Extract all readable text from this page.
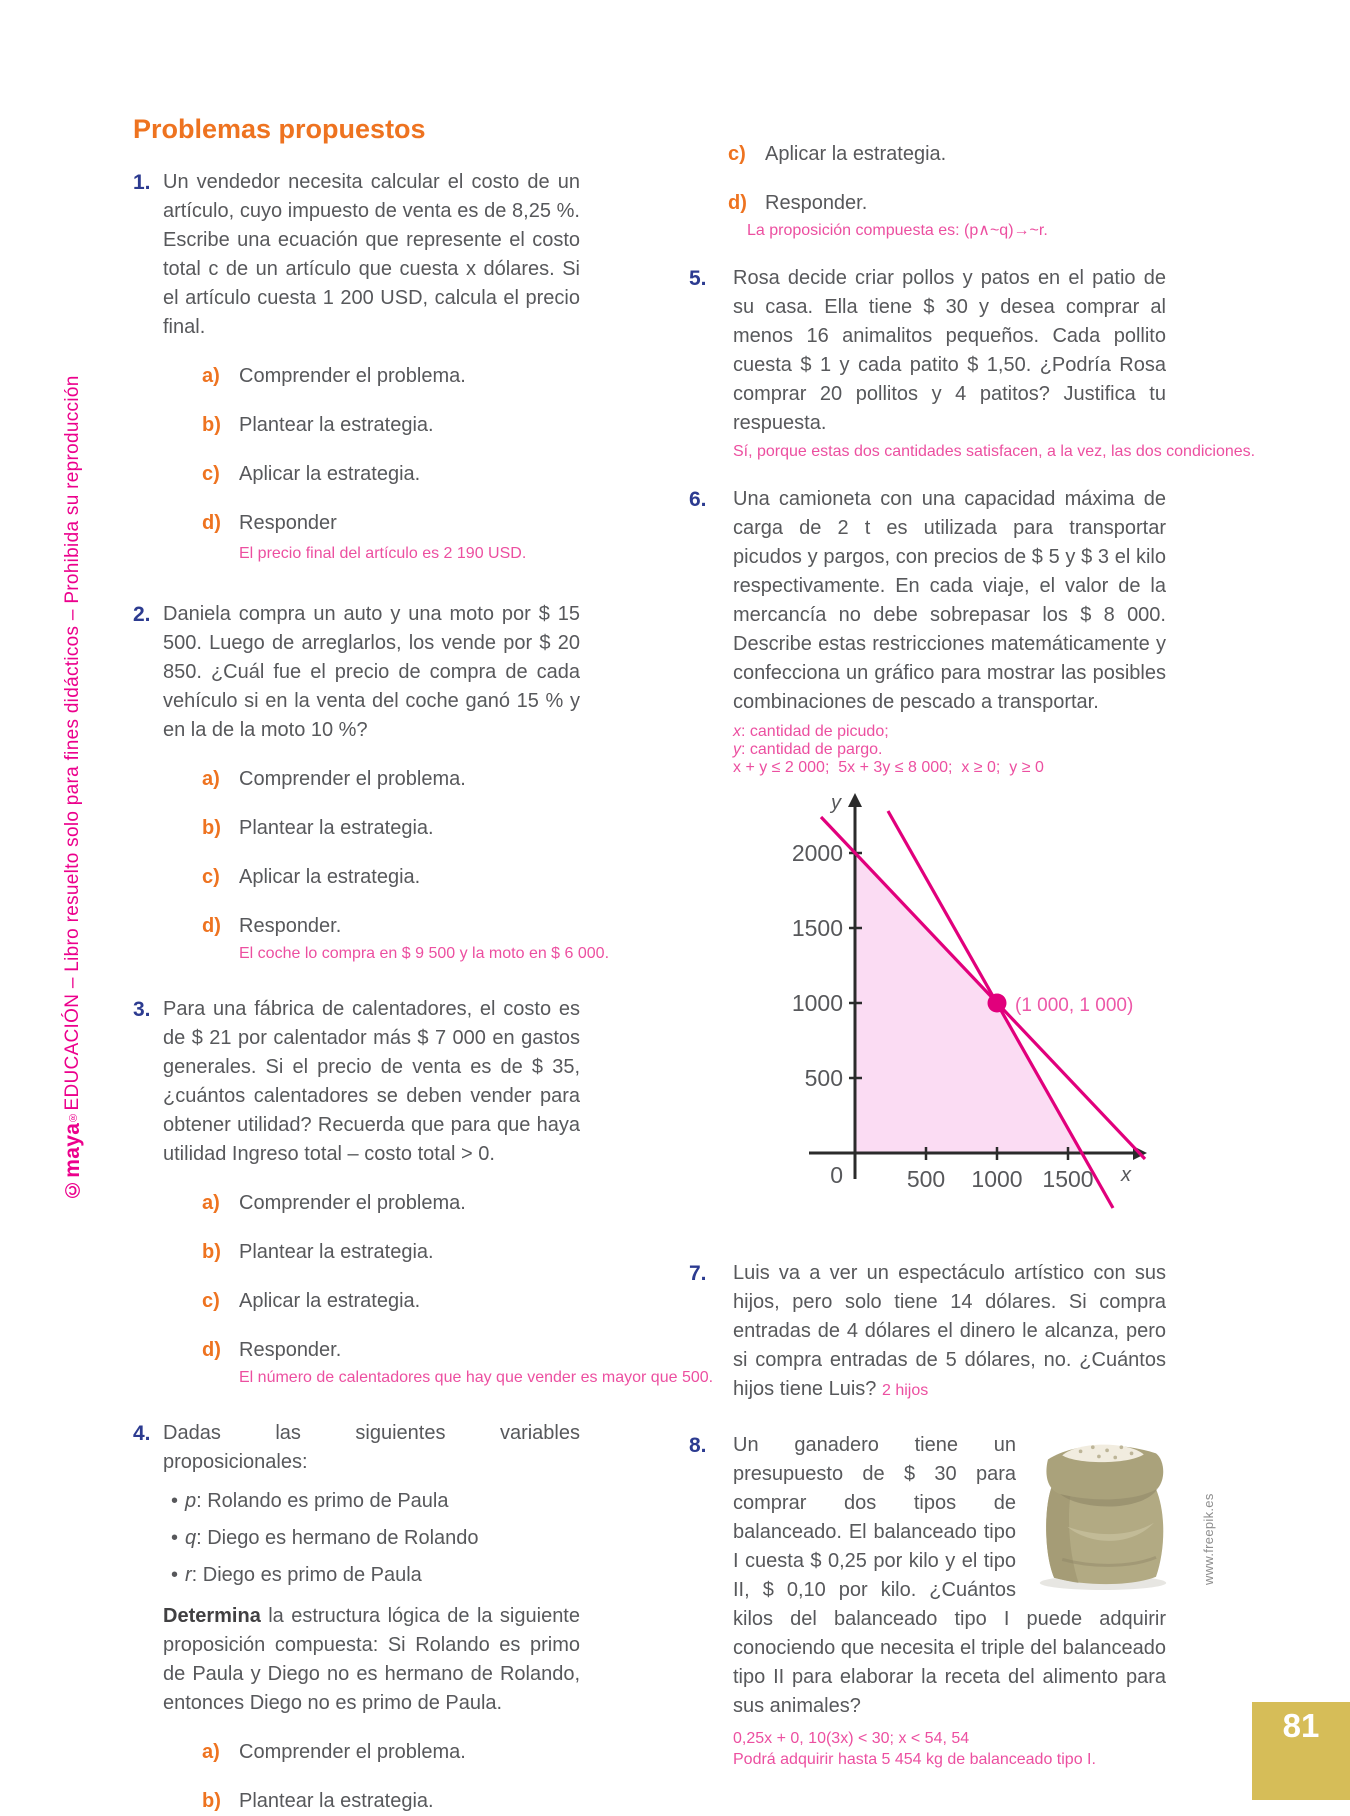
©maya®EDUCACIÓN – Libro resuelto solo para fines didácticos – Prohibida su reproducción
Problemas propuestos
1. Un vendedor necesita calcular el costo de un artículo, cuyo impuesto de venta es de 8,25 %. Escribe una ecuación que represente el costo total c de un artículo que cuesta x dólares. Si el artículo cuesta 1 200 USD, calcula el precio final.

a) Comprender el problema.
b) Plantear la estrategia.
c) Aplicar la estrategia.
d) Responder El precio final del artículo es 2 190 USD.
2. Daniela compra un auto y una moto por $ 15 500. Luego de arreglarlos, los vende por $ 20 850. ¿Cuál fue el precio de compra de cada vehículo si en la venta del coche ganó 15 % y en la de la moto 10 %?

a) Comprender el problema.
b) Plantear la estrategia.
c) Aplicar la estrategia.
d) Responder.
El coche lo compra en $ 9 500 y la moto en $ 6 000.
3. Para una fábrica de calentadores, el costo es de $ 21 por calentador más $ 7 000 en gastos generales. Si el precio de venta es de $ 35, ¿cuántos calentadores se deben vender para obtener utilidad? Recuerda que para que haya utilidad Ingreso total – costo total > 0.

a) Comprender el problema.
b) Plantear la estrategia.
c) Aplicar la estrategia.
d) Responder.
El número de calentadores que hay que vender es mayor que 500.
4. Dadas las siguientes variables proposicionales:

• p: Rolando es primo de Paula
• q: Diego es hermano de Rolando
• r: Diego es primo de Paula

Determina la estructura lógica de la siguiente proposición compuesta: Si Rolando es primo de Paula y Diego no es hermano de Rolando, entonces Diego no es primo de Paula.

a) Comprender el problema.
b) Plantear la estrategia.
c) Aplicar la estrategia.
d) Responder.
La proposición compuesta es: (p∧~q)→~r.
5.	Rosa decide criar pollos y patos en el patio de su casa. Ella tiene $ 30 y desea comprar al menos 16 animalitos pequeños. Cada pollito cuesta $ 1 y cada patito $ 1,50. ¿Podría Rosa comprar 20 pollitos y 4 patitos? Justifica tu respuesta.

Sí, porque estas dos cantidades satisfacen, a la vez, las dos condiciones.
6.	Una camioneta con una capacidad máxima de carga de 2 t es utilizada para transportar picudos y pargos, con precios de $ 5 y $ 3 el kilo respectivamente. En cada viaje, el valor de la mercancía no debe sobrepasar los $ 8 000. Describe estas restricciones matemáticamente y confecciona un gráfico para mostrar las posibles combinaciones de pescado a transportar.

x: cantidad de picudo;
y: cantidad de pargo.
x + y ≤ 2 000;  5x + 3y ≤ 8 000;  x ≥ 0;  y ≥ 0
(1 000, 1 000)
2000
1500
1000
500
0	500 1000 1500
y
x
7.	Luis va a ver un espectáculo artístico con sus hijos, pero solo tiene 14 dólares. Si compra entradas de 4 dólares el dinero le alcanza, pero si compra entradas de 5 dólares, no. ¿Cuántos hijos tiene Luis? 2 hijos

8.
www.freepik.es

Un ganadero tiene un presupuesto de $ 30 para comprar dos tipos de balanceado. El balanceado tipo I cuesta $ 0,25 por kilo y el tipo II, $ 0,10 por kilo. ¿Cuántos kilos del balanceado tipo I puede adquirir conociendo que necesita el triple del balanceado tipo II para elaborar la receta del alimento para sus animales?

0,25x + 0, 10(3x) < 30; x < 54, 54
Podrá adquirir hasta 5 454 kg de balanceado tipo I.
81
